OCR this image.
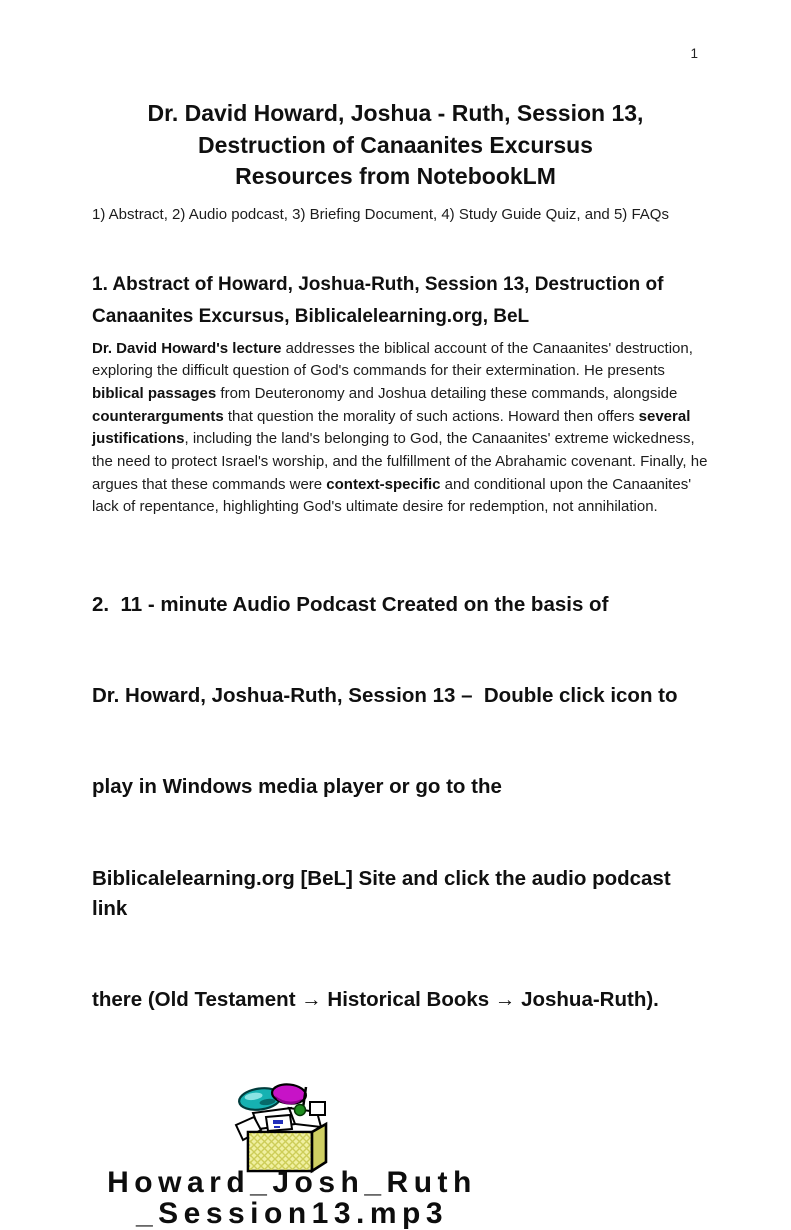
1
Dr. David Howard, Joshua - Ruth, Session 13,
Destruction of Canaanites Excursus
Resources from NotebookLM
1) Abstract, 2) Audio podcast, 3) Briefing Document, 4) Study Guide Quiz, and 5) FAQs
1. Abstract of Howard, Joshua-Ruth, Session 13, Destruction of
Canaanites Excursus, Biblicalelearning.org, BeL
Dr. David Howard's lecture addresses the biblical account of the Canaanites' destruction, exploring the difficult question of God's commands for their extermination. He presents biblical passages from Deuteronomy and Joshua detailing these commands, alongside counterarguments that question the morality of such actions. Howard then offers several justifications, including the land's belonging to God, the Canaanites' extreme wickedness, the need to protect Israel's worship, and the fulfillment of the Abrahamic covenant. Finally, he argues that these commands were context-specific and conditional upon the Canaanites' lack of repentance, highlighting God's ultimate desire for redemption, not annihilation.

2.  11 - minute Audio Podcast Created on the basis of

Dr. Howard, Joshua-Ruth, Session 13 –  Double click icon to

play in Windows media player or go to the

Biblicalelearning.org [BeL] Site and click the audio podcast link

there (Old Testament → Historical Books → Joshua-Ruth).

Howard_Josh_Ruth
_Session13.mp3
